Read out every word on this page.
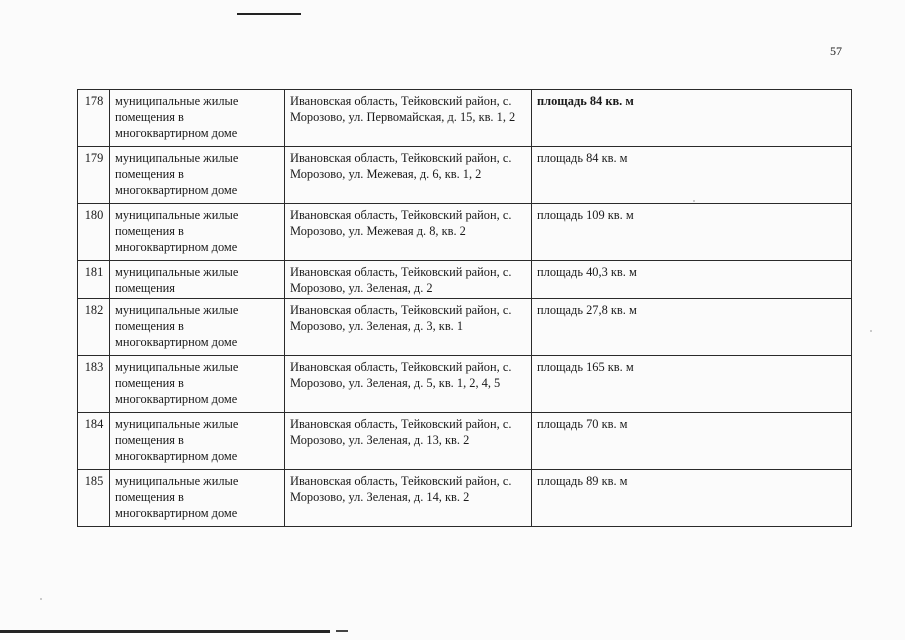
57
178	муниципальные жилые помещения в многоквартирном доме	Ивановская область, Тейковский район, с. Морозово, ул. Первомайская, д. 15, кв. 1, 2	площадь 84 кв. м
179	муниципальные жилые помещения в многоквартирном доме	Ивановская область, Тейковский район, с. Морозово, ул. Межевая, д. 6, кв. 1, 2	площадь 84 кв. м
180	муниципальные жилые помещения в многоквартирном доме	Ивановская область, Тейковский район, с. Морозово, ул. Межевая д. 8, кв. 2	площадь 109 кв. м
181	муниципальные жилые помещения	Ивановская область, Тейковский район, с. Морозово, ул. Зеленая, д. 2	площадь 40,3 кв. м
182	муниципальные жилые помещения в многоквартирном доме	Ивановская область, Тейковский район, с. Морозово, ул. Зеленая, д. 3, кв. 1	площадь 27,8 кв. м
183	муниципальные жилые помещения в многоквартирном доме	Ивановская область, Тейковский район, с. Морозово, ул. Зеленая, д. 5, кв. 1, 2, 4, 5	площадь 165 кв. м
184	муниципальные жилые помещения в многоквартирном доме	Ивановская область, Тейковский район, с. Морозово, ул. Зеленая, д. 13, кв. 2	площадь 70 кв. м
185	муниципальные жилые помещения в многоквартирном доме	Ивановская область, Тейковский район, с. Морозово, ул. Зеленая, д. 14, кв. 2	площадь 89 кв. м
